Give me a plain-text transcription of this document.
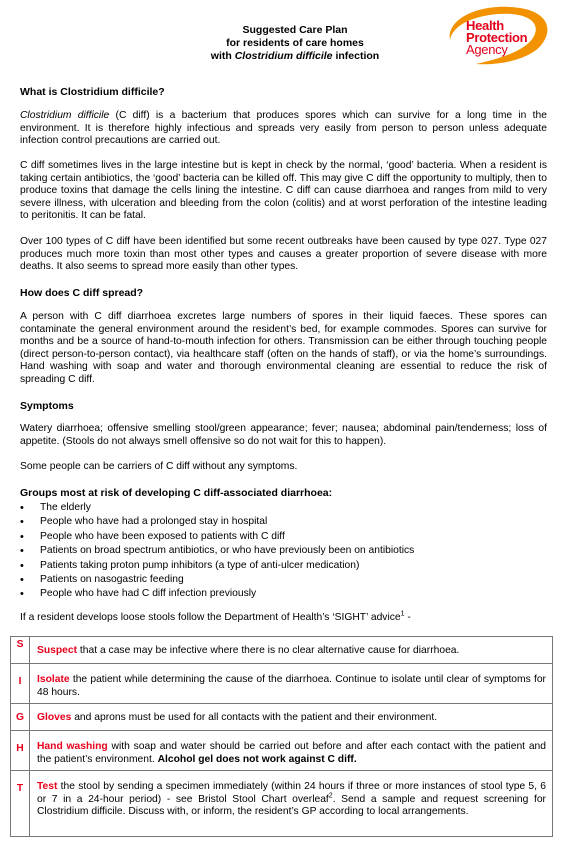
Suggested Care Plan
for residents of care homes
with Clostridium difficile infection
Health
Protection
Agency
What is Clostridium difficile?

Clostridium difficile (C diff) is a bacterium that produces spores which can survive for a long time in the environment. It is therefore highly infectious and spreads very easily from person to person unless adequate infection control precautions are carried out.

C diff sometimes lives in the large intestine but is kept in check by the normal, ‘good’ bacteria. When a resident is taking certain antibiotics, the ‘good’ bacteria can be killed off. This may give C diff the opportunity to multiply, then to produce toxins that damage the cells lining the intestine. C diff can cause diarrhoea and ranges from mild to very severe illness, with ulceration and bleeding from the colon (colitis) and at worst perforation of the intestine leading to peritonitis. It can be fatal.

Over 100 types of C diff have been identified but some recent outbreaks have been caused by type 027. Type 027 produces much more toxin than most other types and causes a greater proportion of severe disease with more deaths. It also seems to spread more easily than other types.

How does C diff spread?

A person with C diff diarrhoea excretes large numbers of spores in their liquid faeces. These spores can contaminate the general environment around the resident’s bed, for example commodes. Spores can survive for months and be a source of hand-to-mouth infection for others. Transmission can be either through touching people (direct person-to-person contact), via healthcare staff (often on the hands of staff), or via the home’s surroundings. Hand washing with soap and water and thorough environmental cleaning are essential to reduce the risk of spreading C diff.

Symptoms

Watery diarrhoea; offensive smelling stool/green appearance; fever; nausea; abdominal pain/tenderness; loss of appetite. (Stools do not always smell offensive so do not wait for this to happen).

Some people can be carriers of C diff without any symptoms.

Groups most at risk of developing C diff-associated diarrhoea:
• The elderly
• People who have had a prolonged stay in hospital
• People who have been exposed to patients with C diff
• Patients on broad spectrum antibiotics, or who have previously been on antibiotics
• Patients taking proton pump inhibitors (a type of anti-ulcer medication)
• Patients on nasogastric feeding
• People who have had C diff infection previously

If a resident develops loose stools follow the Department of Health’s ‘SIGHT’ advice$^1$ -

S	Suspect that a case may be infective where there is no clear alternative cause for diarrhoea.
I	Isolate the patient while determining the cause of the diarrhoea. Continue to isolate until clear of symptoms for 48 hours.
G	Gloves and aprons must be used for all contacts with the patient and their environment.
H	Hand washing with soap and water should be carried out before and after each contact with the patient and the patient’s environment. Alcohol gel does not work against C diff.
T	Test the stool by sending a specimen immediately (within 24 hours if three or more instances of stool type 5, 6 or 7 in a 24-hour period) - see Bristol Stool Chart overleaf$^2$. Send a sample and request screening for Clostridium difficile. Discuss with, or inform, the resident’s GP according to local arrangements.
